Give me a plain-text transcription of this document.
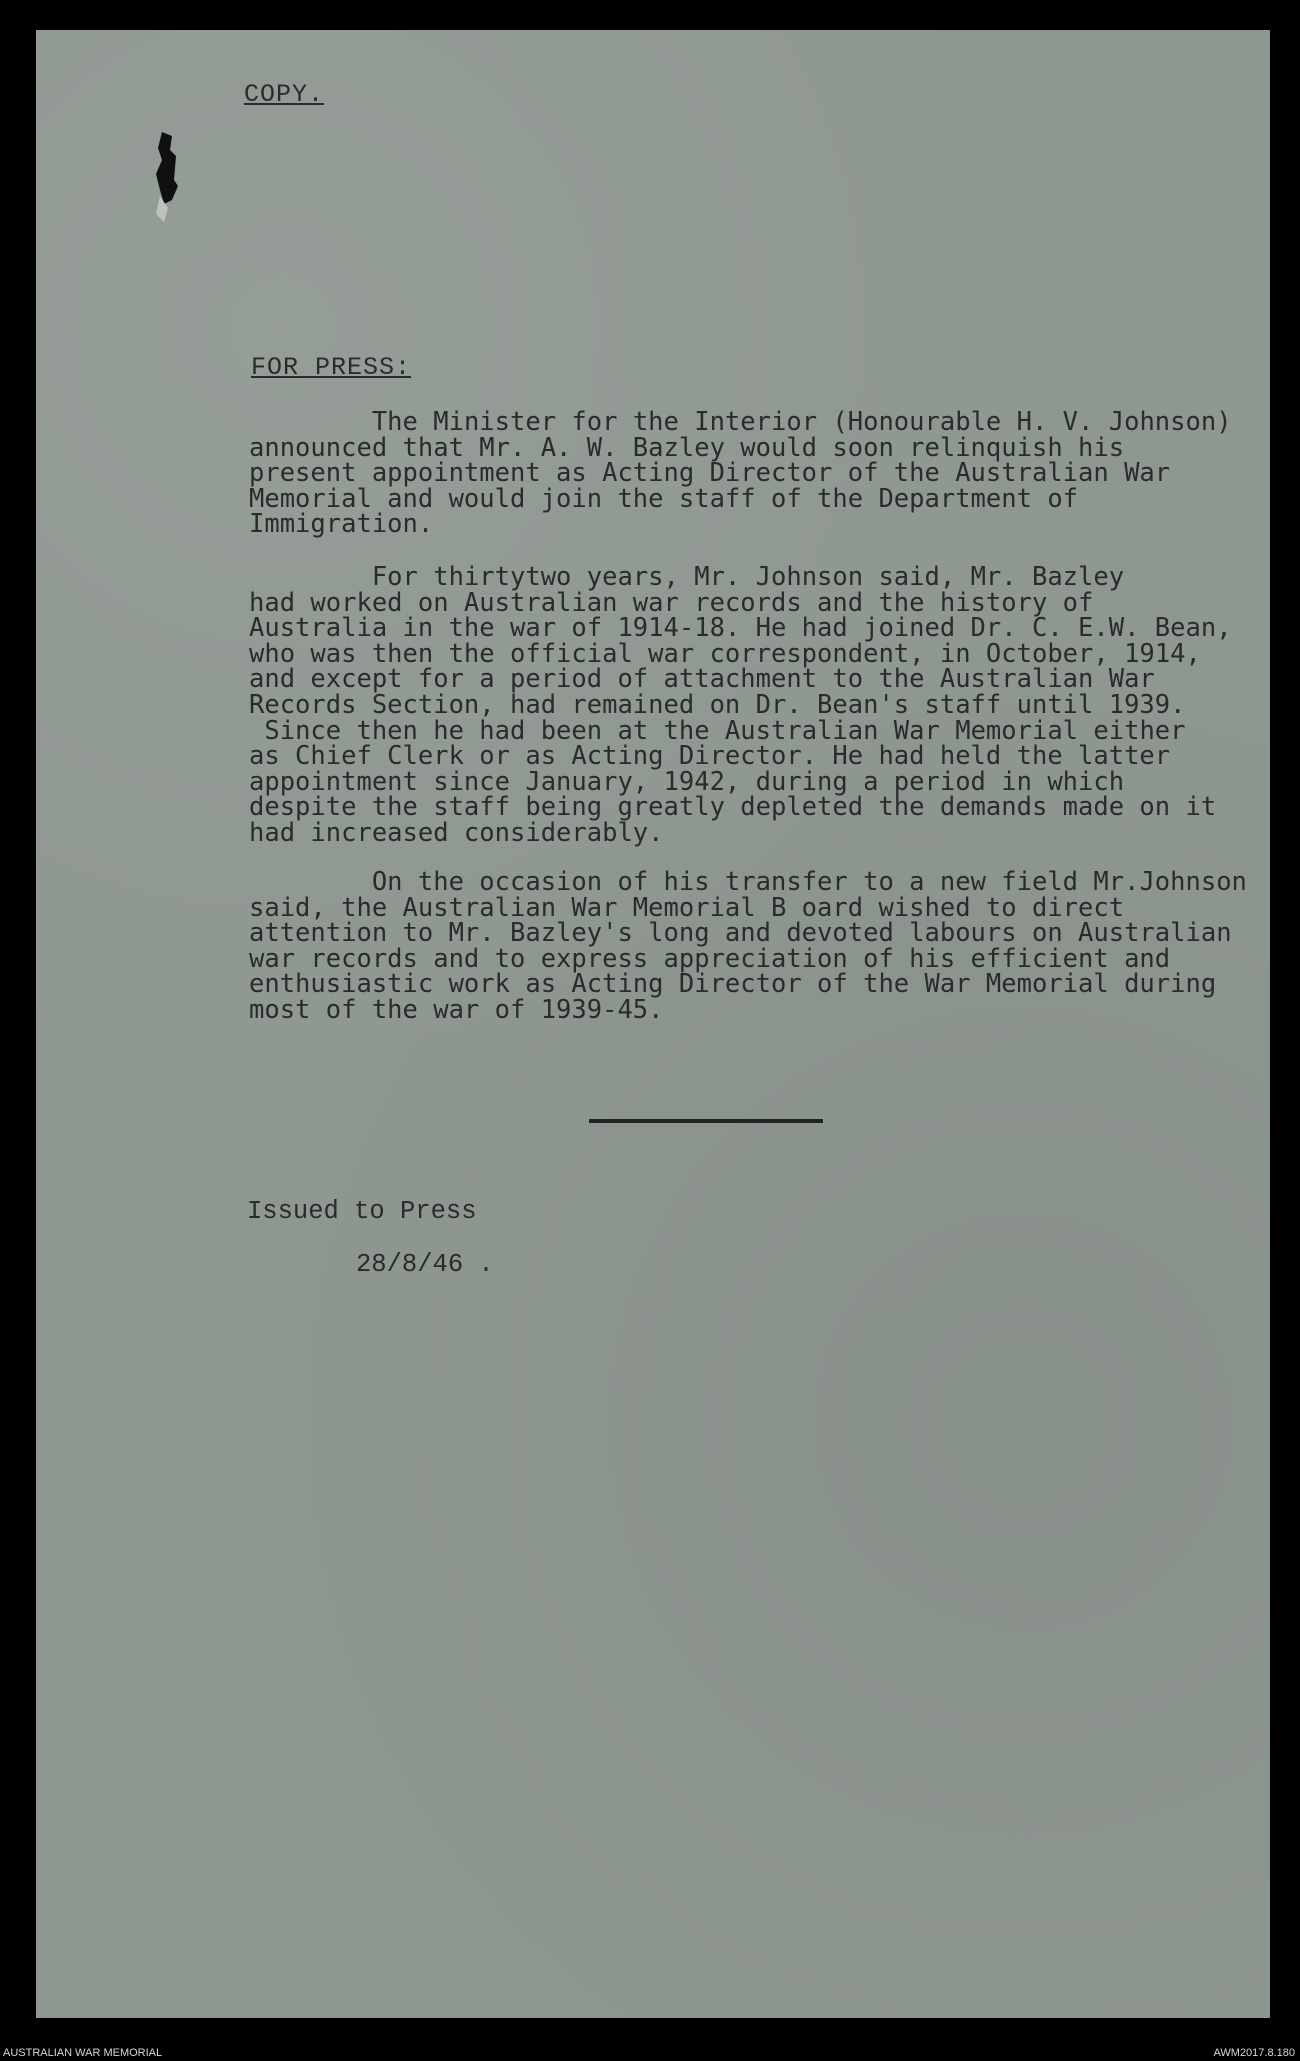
COPY.
FOR PRESS:
The Minister for the Interior (Honourable H. V. Johnson)
announced that Mr. A. W. Bazley would soon relinquish his
present appointment as Acting Director of the Australian War
Memorial and would join the staff of the Department of
Immigration.
For thirtytwo years, Mr. Johnson said, Mr. Bazley
had worked on Australian war records and the history of
Australia in the war of 1914-18. He had joined Dr. C. E.W. Bean,
who was then the official war correspondent, in October, 1914,
and except for a period of attachment to the Australian War
Records Section, had remained on Dr. Bean's staff until 1939.
Since then he had been at the Australian War Memorial either
as Chief Clerk or as Acting Director. He had held the latter
appointment since January, 1942, during a period in which
despite the staff being greatly depleted the demands made on it
had increased considerably.
On the occasion of his transfer to a new field Mr.Johnson
said, the Australian War Memorial B oard wished to direct
attention to Mr. Bazley's long and devoted labours on Australian
war records and to express appreciation of his efficient and
enthusiastic work as Acting Director of the War Memorial during
most of the war of 1939-45.
Issued to Press
28/8/46 .
AUSTRALIAN WAR MEMORIAL	AWM2017.8.180
